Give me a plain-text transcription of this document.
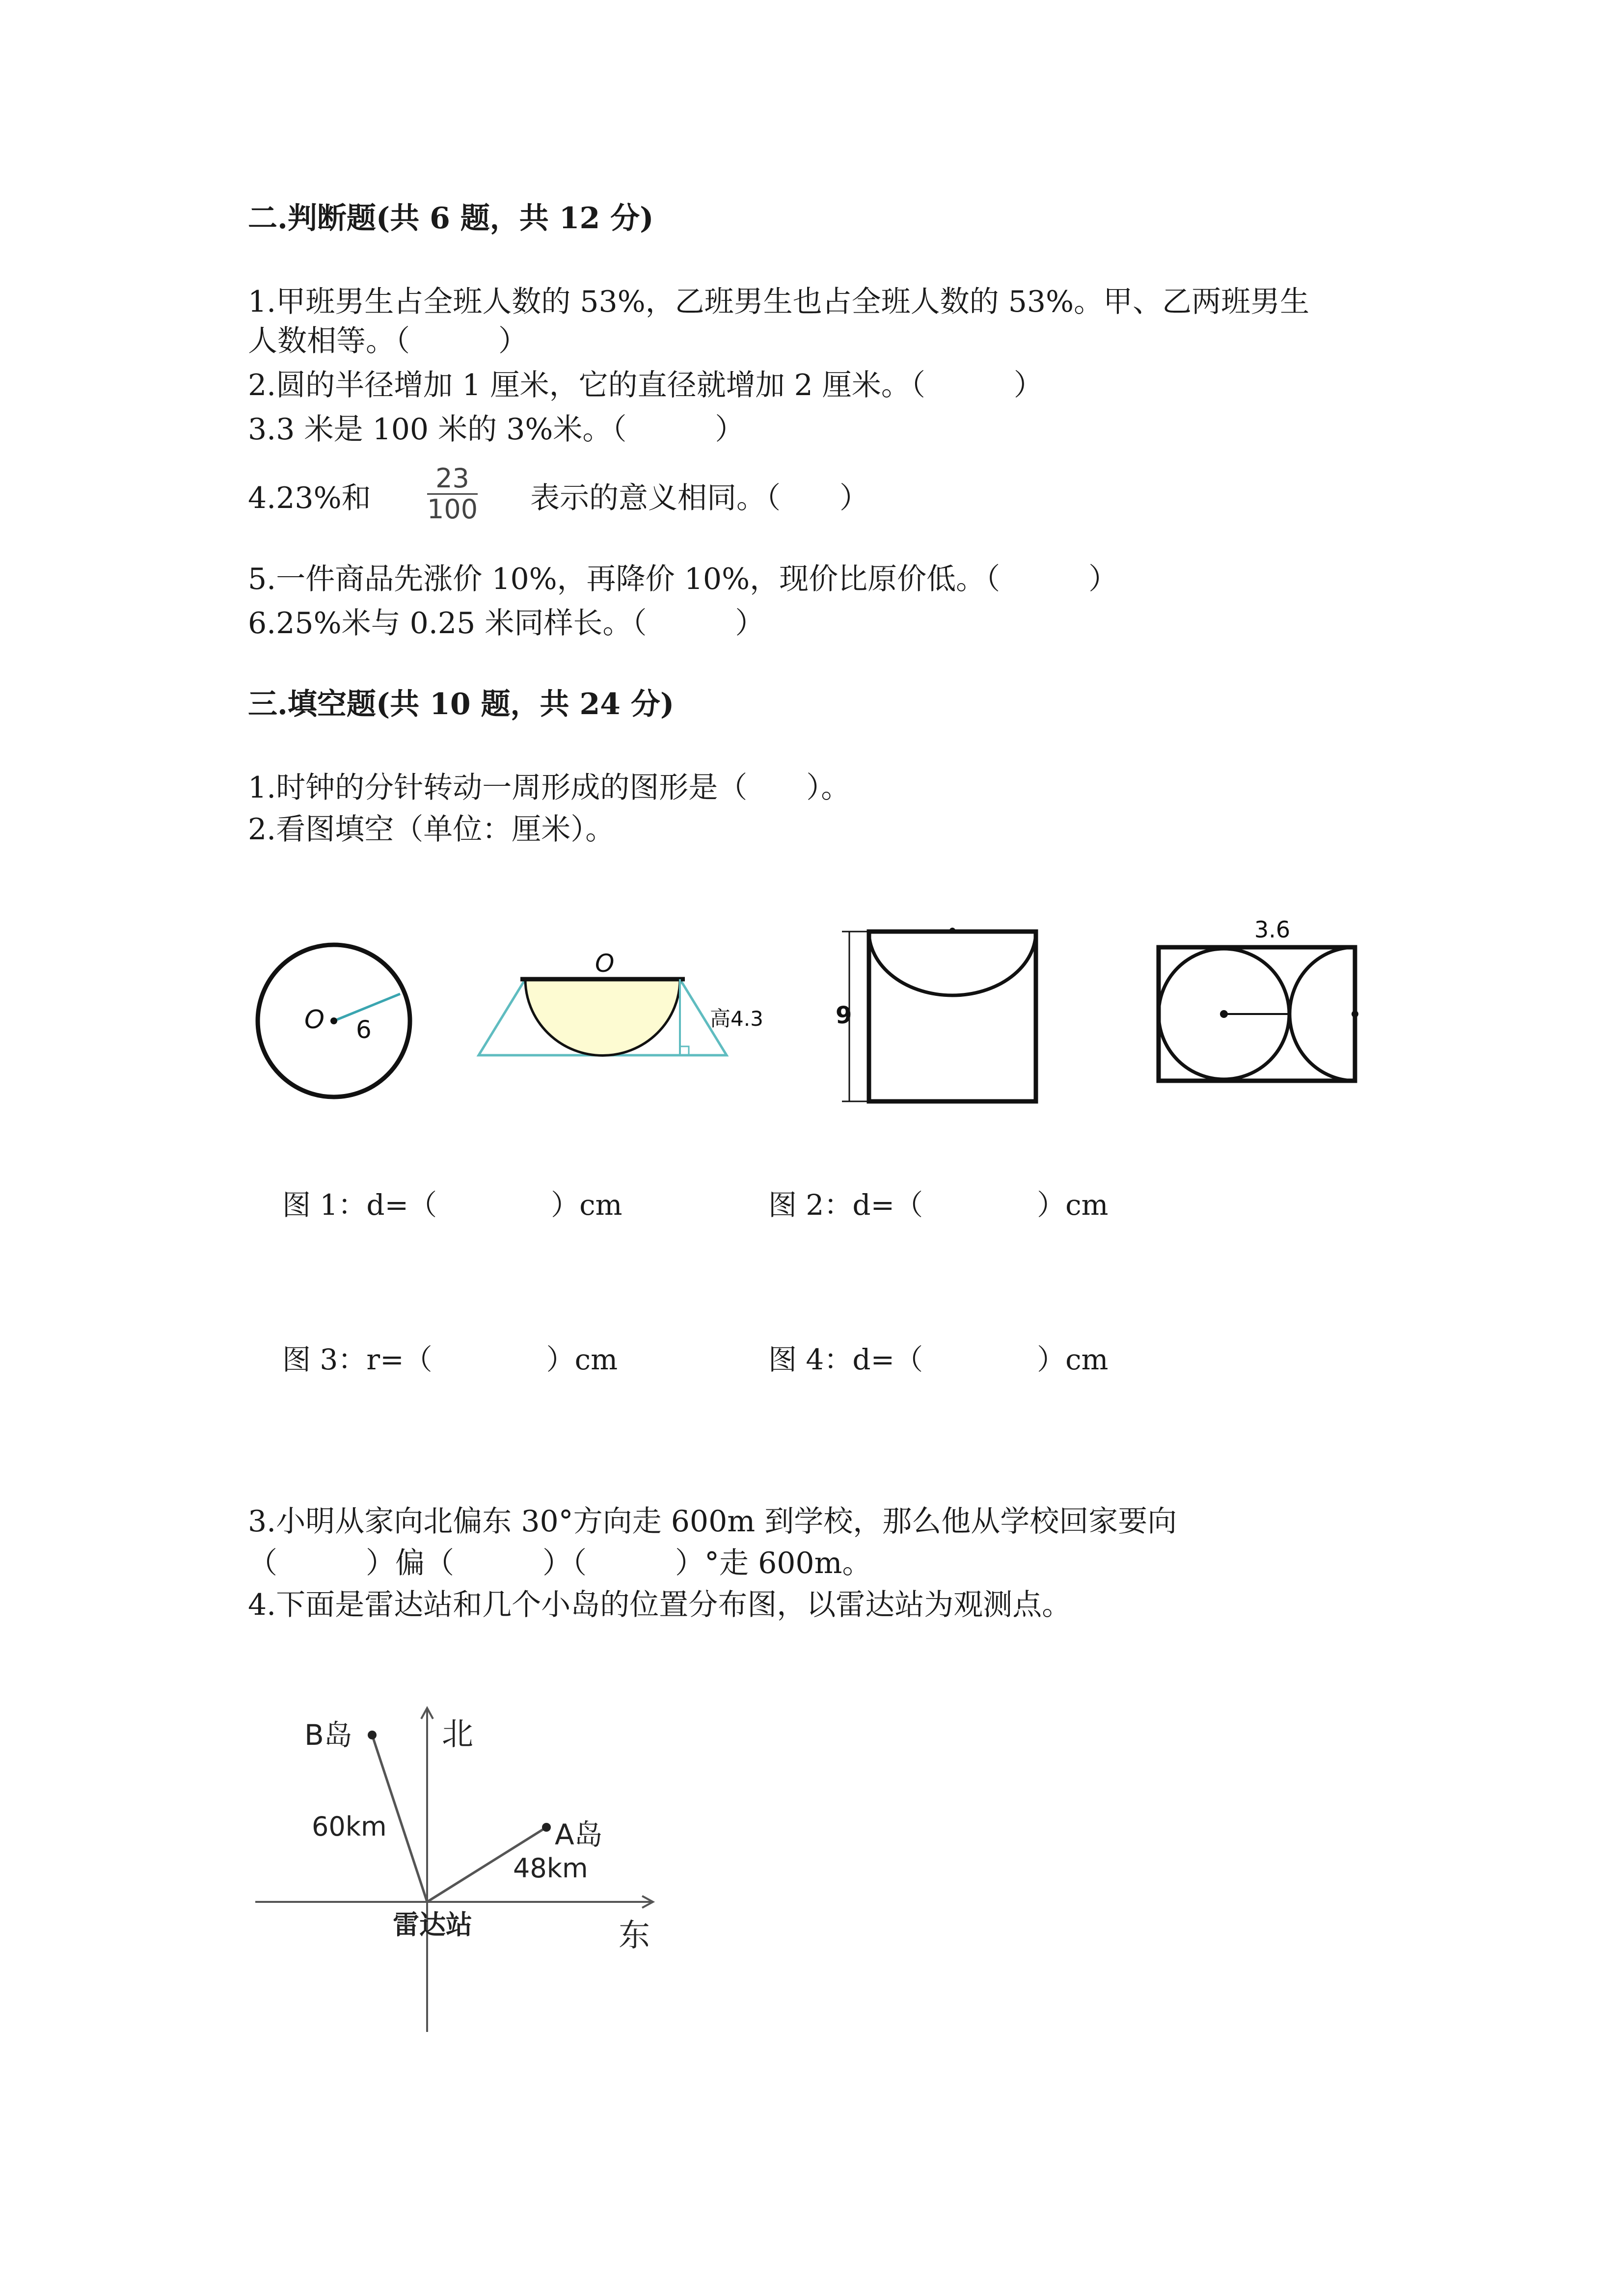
二.判断题(共 6 题，共 12 分)
1.甲班男生占全班人数的 53%，乙班男生也占全班人数的 53%。甲、乙两班男生
人数相等。（　　　）
2.圆的半径增加 1 厘米，它的直径就增加 2 厘米。（　　　）
3.3 米是 100 米的 3%米。（　　　）
4.23%和 $\frac{23}{100}$ 表示的意义相同。（　　）
5.一件商品先涨价 10%，再降价 10%，现价比原价低。（　　　）
6.25%米与 0.25 米同样长。（　　　）
三.填空题(共 10 题，共 24 分)
1.时钟的分针转动一周形成的图形是（　　）。
2.看图填空（单位：厘米）。
O 6
O
高4.3	9
3.6
图 1：d=（　　　　）cm	图 2：d=（　　　　）cm
图 3：r=（　　　　）cm	图 4：d=（　　　　）cm
3.小明从家向北偏东 30°方向走 600m 到学校，那么他从学校回家要向
（　　　）偏（　　　）（　　　）°走 600m。
4.下面是雷达站和几个小岛的位置分布图，以雷达站为观测点。
B岛	北
60km	A岛
48km
雷达站	东
